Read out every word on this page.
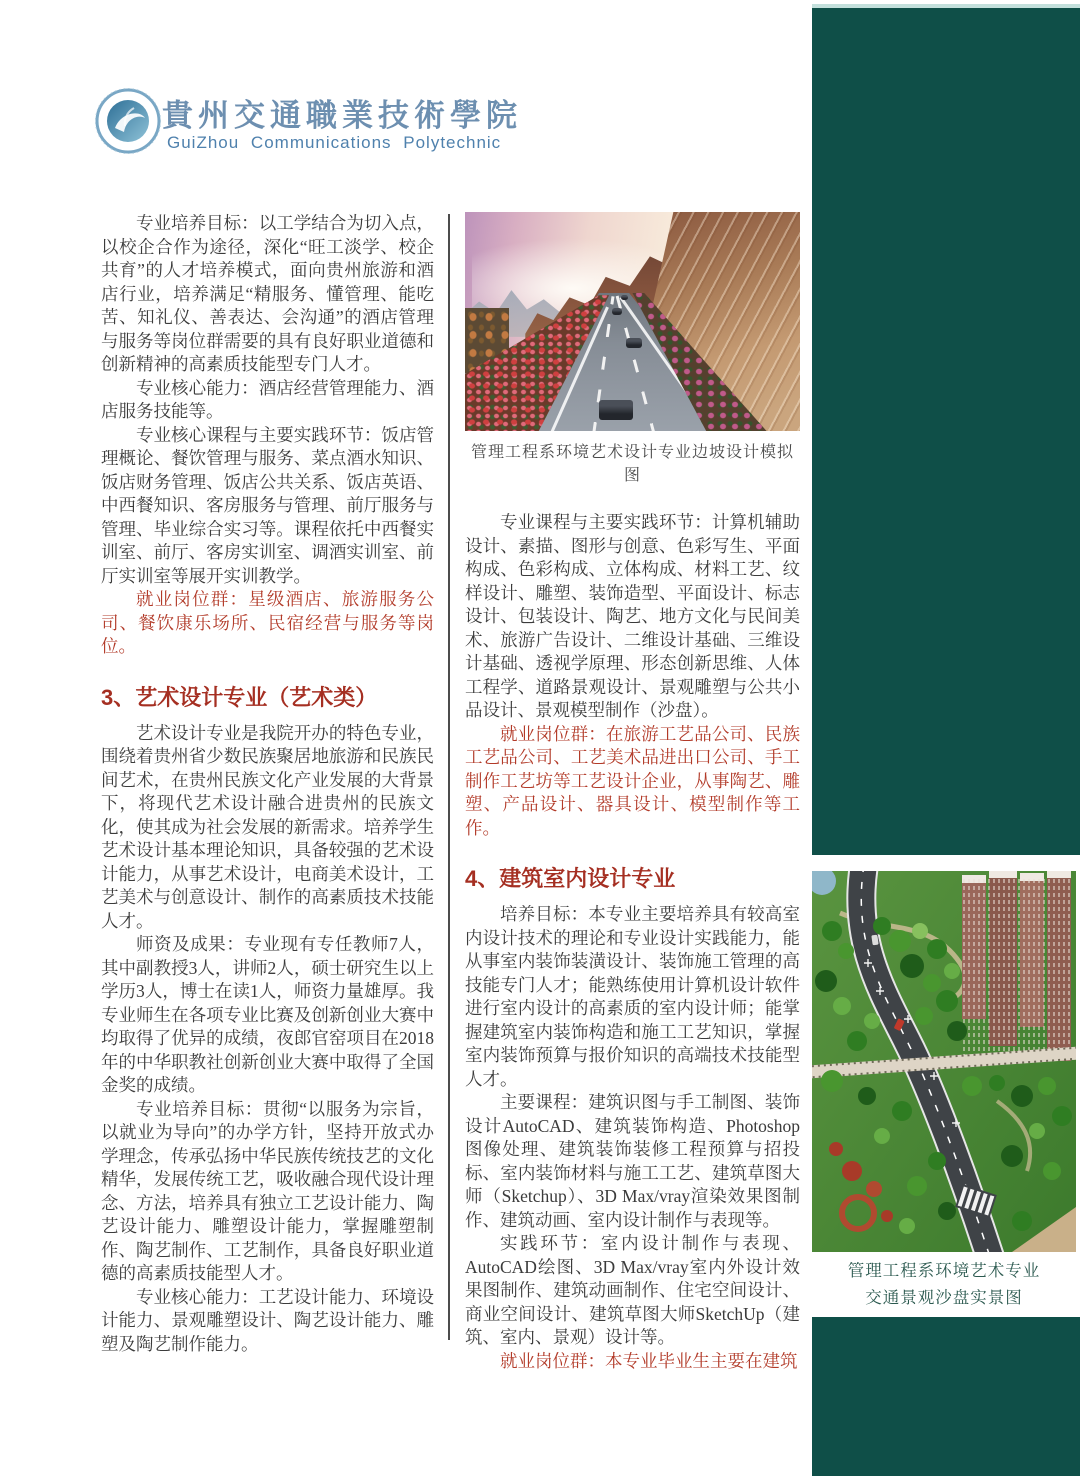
貴州交通職業技術學院
GuiZhou Communications Polytechnic

专业培养目标：以工学结合为切入点，以校企合作为途径，深化“旺工淡学、校企共育”的人才培养模式，面向贵州旅游和酒店行业，培养满足“精服务、懂管理、能吃苦、知礼仪、善表达、会沟通”的酒店管理与服务等岗位群需要的具有良好职业道德和创新精神的高素质技能型专门人才。

专业核心能力：酒店经营管理能力、酒店服务技能等。

专业核心课程与主要实践环节：饭店管理概论、餐饮管理与服务、菜点酒水知识、饭店财务管理、饭店公共关系、饭店英语、中西餐知识、客房服务与管理、前厅服务与管理、毕业综合实习等。课程依托中西餐实训室、前厅、客房实训室、调酒实训室、前厅实训室等展开实训教学。

就业岗位群：星级酒店、旅游服务公司、餐饮康乐场所、民宿经营与服务等岗位。

3、艺术设计专业（艺术类）

艺术设计专业是我院开办的特色专业，围绕着贵州省少数民族聚居地旅游和民族民间艺术，在贵州民族文化产业发展的大背景下，将现代艺术设计融合进贵州的民族文化，使其成为社会发展的新需求。培养学生艺术设计基本理论知识，具备较强的艺术设计能力，从事艺术设计，电商美术设计，工艺美术与创意设计、制作的高素质技术技能人才。

师资及成果：专业现有专任教师7人，其中副教授3人，讲师2人，硕士研究生以上学历3人，博士在读1人，师资力量雄厚。我专业师生在各项专业比赛及创新创业大赛中均取得了优异的成绩，夜郎官窑项目在2018年的中华职教社创新创业大赛中取得了全国金奖的成绩。

专业培养目标：贯彻“以服务为宗旨，以就业为导向”的办学方针，坚持开放式办学理念，传承弘扬中华民族传统技艺的文化精华，发展传统工艺，吸收融合现代设计理念、方法，培养具有独立工艺设计能力、陶艺设计能力、雕塑设计能力，掌握雕塑制作、陶艺制作、工艺制作，具备良好职业道德的高素质技能型人才。

专业核心能力：工艺设计能力、环境设计能力、景观雕塑设计、陶艺设计能力、雕塑及陶艺制作能力。

管理工程系环境艺术设计专业边坡设计模拟图

专业课程与主要实践环节：计算机辅助设计、素描、图形与创意、色彩写生、平面构成、色彩构成、立体构成、材料工艺、纹样设计、雕塑、装饰造型、平面设计、标志设计、包装设计、陶艺、地方文化与民间美术、旅游广告设计、二维设计基础、三维设计基础、透视学原理、形态创新思维、人体工程学、道路景观设计、景观雕塑与公共小品设计、景观模型制作（沙盘）。

就业岗位群：在旅游工艺品公司、民族工艺品公司、工艺美术品进出口公司、手工制作工艺坊等工艺设计企业，从事陶艺、雕塑、产品设计、器具设计、模型制作等工作。

4、建筑室内设计专业

培养目标：本专业主要培养具有较高室内设计技术的理论和专业设计实践能力，能从事室内装饰装潢设计、装饰施工管理的高技能专门人才；能熟练使用计算机设计软件进行室内设计的高素质的室内设计师；能掌握建筑室内装饰构造和施工工艺知识，掌握室内装饰预算与报价知识的高端技术技能型人才。

主要课程：建筑识图与手工制图、装饰设计AutoCAD、建筑装饰构造、Photoshop图像处理、建筑装饰装修工程预算与招投标、室内装饰材料与施工工艺、建筑草图大师（Sketchup）、3D Max/vray渲染效果图制作、建筑动画、室内设计制作与表现等。

实践环节：室内设计制作与表现、AutoCAD绘图、3D Max/vray室内外设计效果图制作、建筑动画制作、住宅空间设计、商业空间设计、建筑草图大师SketchUp（建筑、室内、景观）设计等。

就业岗位群：本专业毕业生主要在建筑

管理工程系环境艺术专业
交通景观沙盘实景图
